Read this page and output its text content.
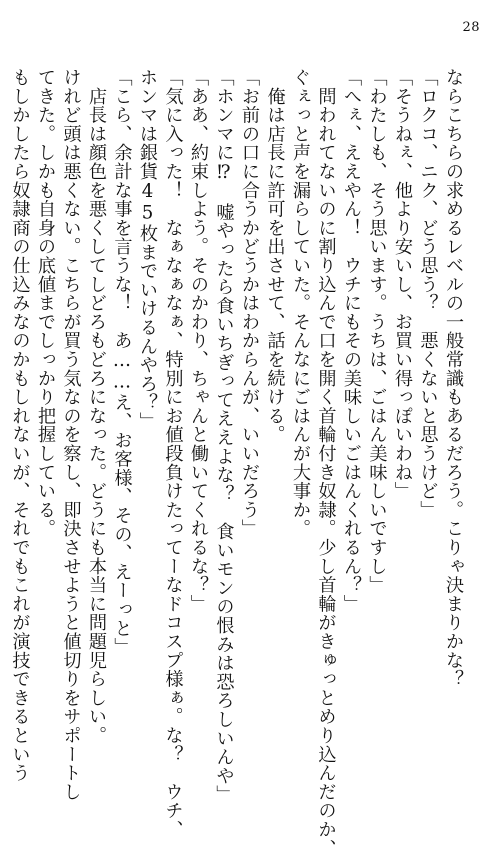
28
ならこちらの求めるレベルの一般常識もあるだろう。こりゃ決まりかな？
「ロクコ、ニク、どう思う？　悪くないと思うけど」
「そうねぇ、他より安いし、お買い得っぽいわね」
「わたしも、そう思います。うちは、ごはん美味しいですし」
「へぇ、ええやん！　ウチにもその美味しいごはんくれるん？」
　問われてないのに割り込んで口を開く首輪付き奴隷。少し首輪がきゅっとめり込んだのか、
ぐぇっと声を漏らしていた。そんなにごはんが大事か。
　俺は店長に許可を出させて、話を続ける。
「お前の口に合うかどうかはわからんが、いいだろう」
「ホンマに⁉　嘘やったら食いちぎってええよな？　食いモンの恨みは恐ろしいんや」
「ああ、約束しよう。そのかわり、ちゃんと働いてくれるな？」
「気に入った！　なぁなぁなぁ、特別にお値段負けたってーなドコスプ様ぁ。な？　ウチ、
ホンマは銀貨45枚までいけるんやろ？」
「こら、余計な事を言うな！　あ……え、お客様、その、えーっと」
　店長は顔色を悪くしてしどろもどろになった。どうにも本当に問題児らしい。
けれど頭は悪くない。こちらが買う気なのを察し、即決させようと値切りをサポートし
てきた。しかも自身の底値までしっかり把握している。
もしかしたら奴隷商の仕込みなのかもしれないが、それでもこれが演技できるという
